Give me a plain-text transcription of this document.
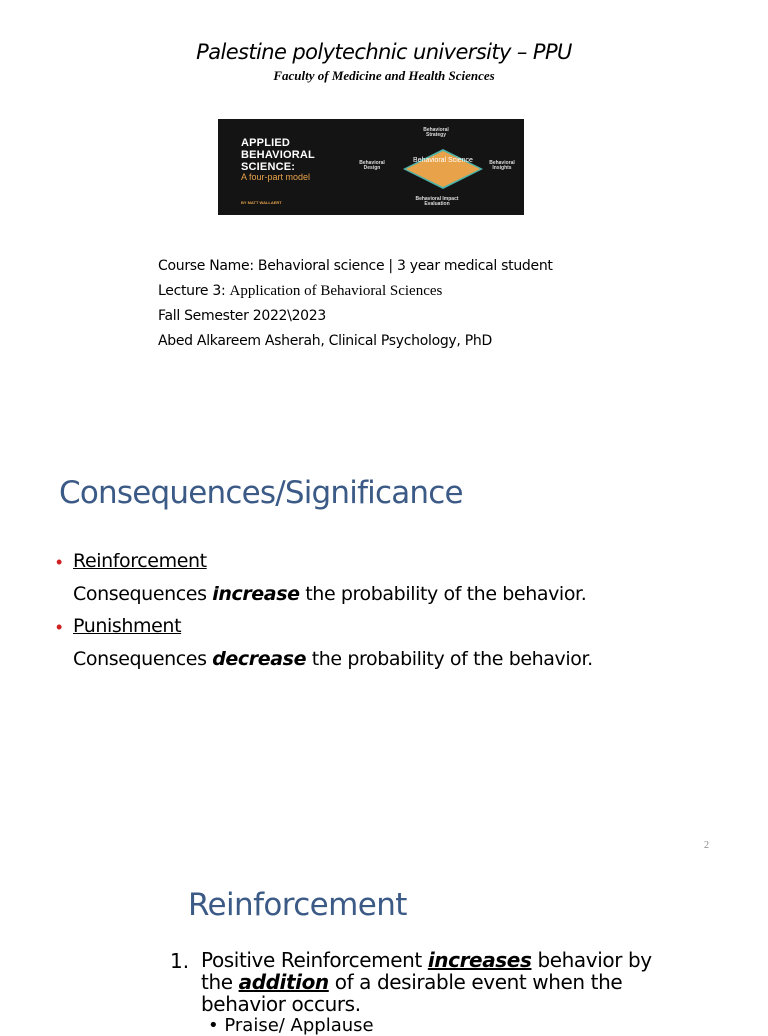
Palestine polytechnic university – PPU
Faculty of Medicine and Health Sciences
APPLIED
BEHAVIORAL
SCIENCE:
A four-part model
BY MATT WALLAERT
Behavioral Science
Behavioral Strategy
Behavioral Design
Behavioral Insights
Behavioral Impact Evaluation
Course Name: Behavioral science | 3 year medical student
Lecture 3: Application of Behavioral Sciences
Fall Semester 2022\2023
Abed Alkareem Asherah, Clinical Psychology, PhD
Consequences/Significance
• Reinforcement
Consequences increase the probability of the behavior.
• Punishment
Consequences decrease the probability of the behavior.
2
Reinforcement
1. Positive Reinforcement increases behavior by the addition of a desirable event when the behavior occurs.
• Praise/ Applause
